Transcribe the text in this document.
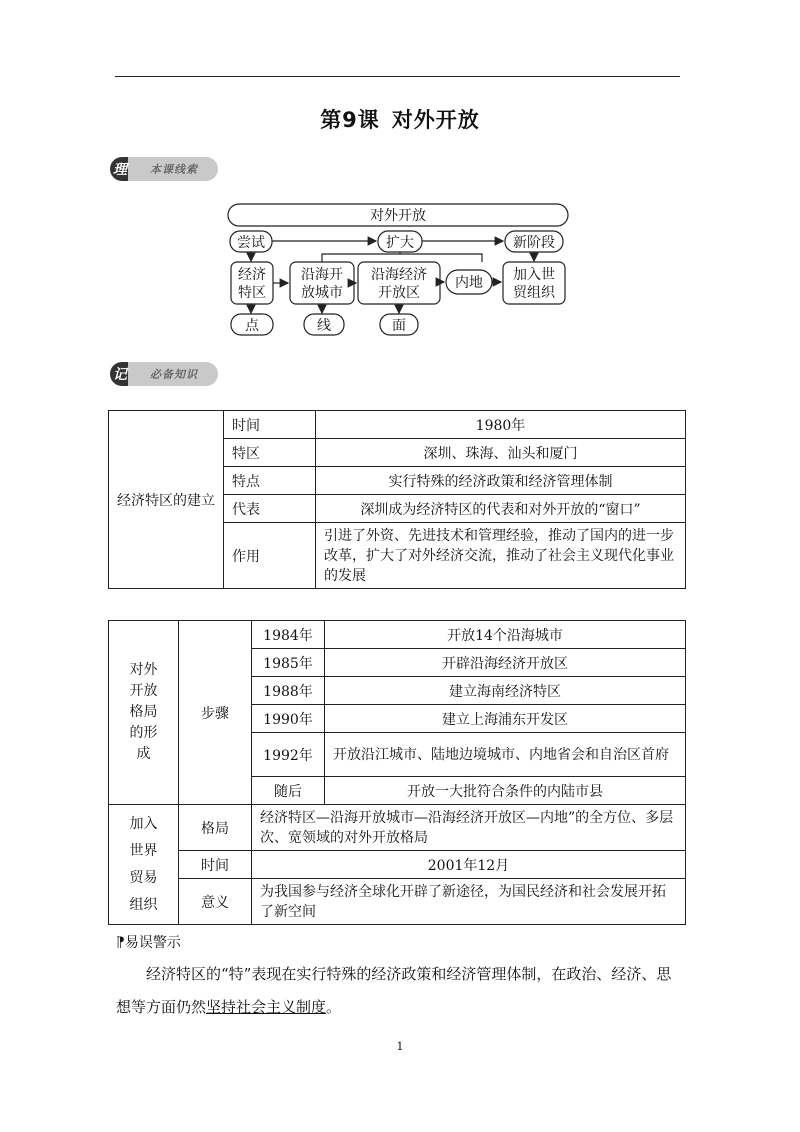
第9课 对外开放
理	本课线索
对外开放
尝试	扩大	新阶段
经济
特区
沿海开
放城市
沿海经济
开放区
内地 加入世
贸组织
点	线	面
记	必备知识
经济特区的建立	时间	1980年
	特区	深圳、珠海、汕头和厦门
	特点	实行特殊的经济政策和经济管理体制
	代表	深圳成为经济特区的代表和对外开放的“窗口”
	作用	引进了外资、先进技术和管理经验，推动了国内的进一步改革，扩大了对外经济交流，推动了社会主义现代化事业的发展
对外开放格局的形成	步骤	1984年	开放14个沿海城市
		1985年	开辟沿海经济开放区
		1988年	建立海南经济特区
		1990年	建立上海浦东开发区
		1992年	开放沿江城市、陆地边境城市、内地省会和自治区首府
		随后	开放一大批符合条件的内陆市县
加入世界贸易组织	格局	经济特区—沿海开放城市—沿海经济开放区—内地”的全方位、多层次、宽领域的对外开放格局	
	时间	2001年12月	
	意义	为我国参与经济全球化开辟了新途径，为国民经济和社会发展开拓了新空间	
⁋易误警示
经济特区的“特”表现在实行特殊的经济政策和经济管理体制，在政治、经济、思想等方面仍然坚持社会主义制度。
1
